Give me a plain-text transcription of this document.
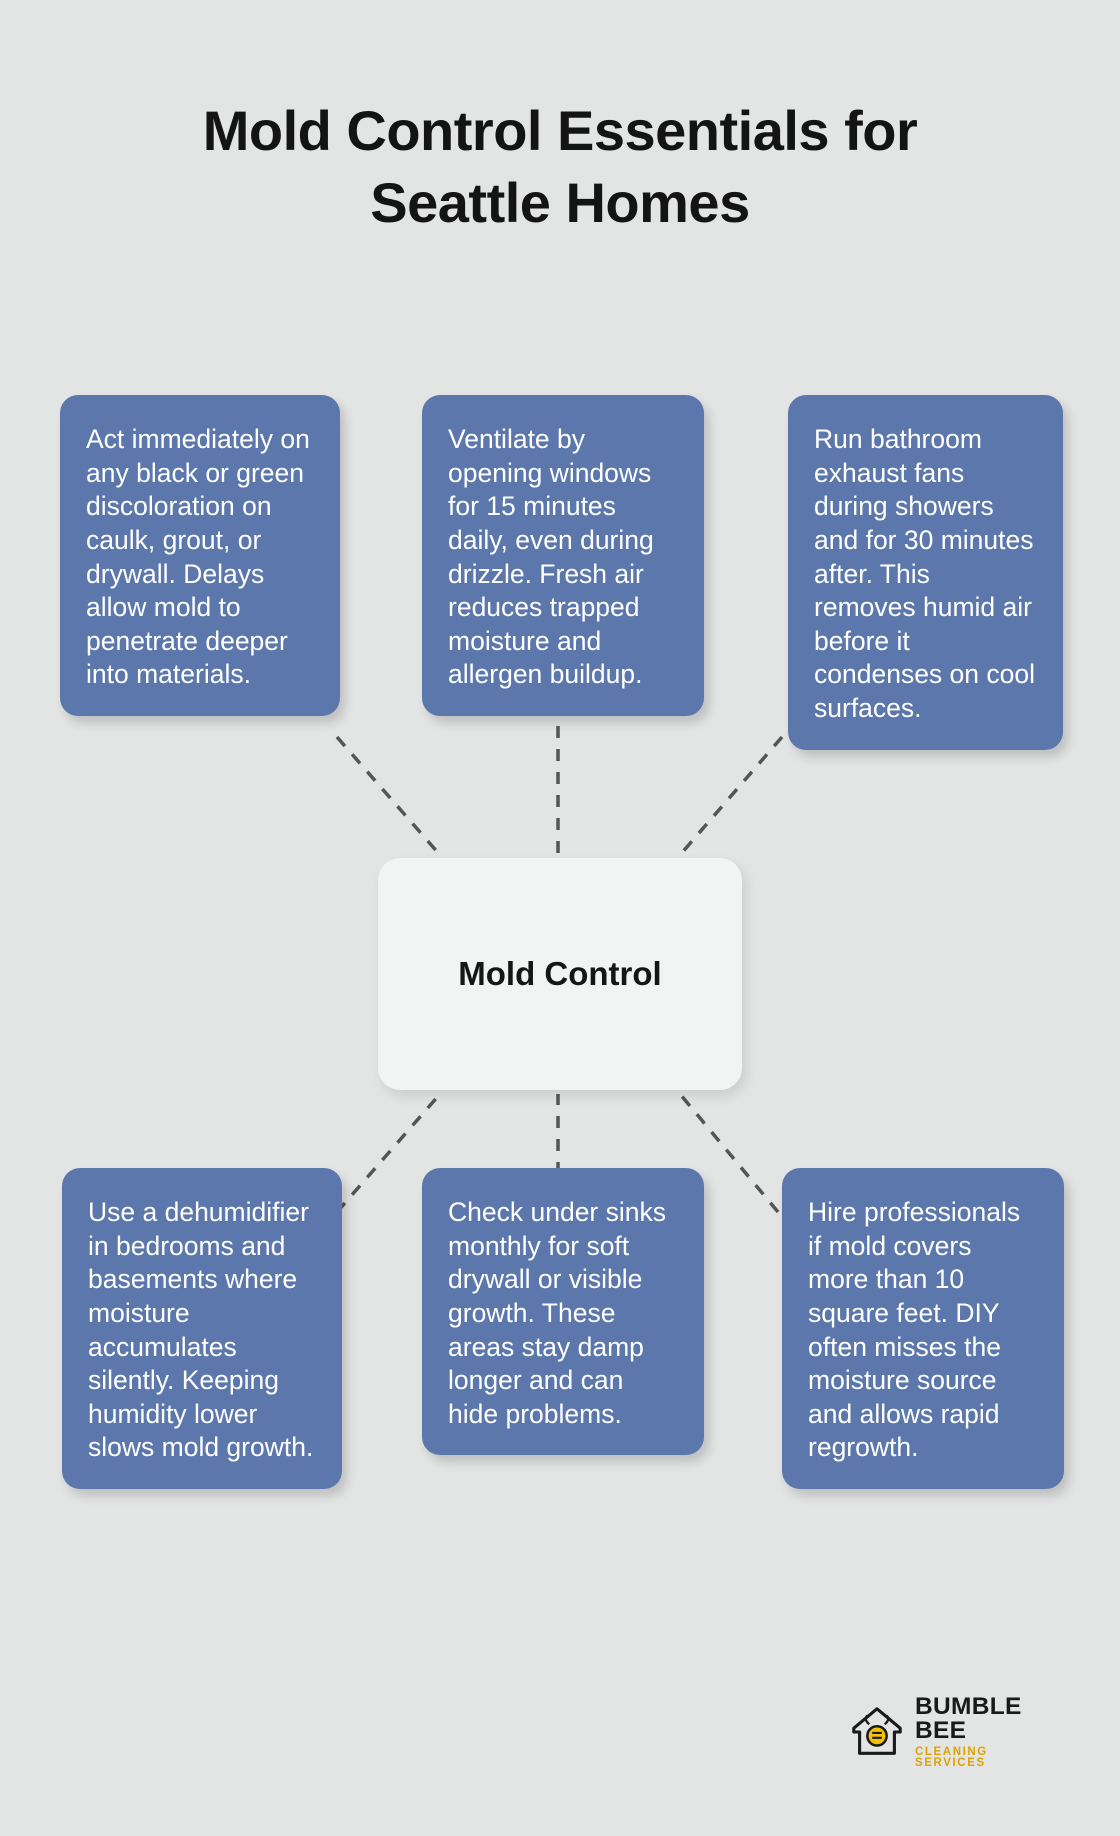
Mold Control Essentials for Seattle Homes
Act immediately on any black or green discoloration on caulk, grout, or drywall. Delays allow mold to penetrate deeper into materials.
Ventilate by opening windows for 15 minutes daily, even during drizzle. Fresh air reduces trapped moisture and allergen buildup.
Run bathroom exhaust fans during showers and for 30 minutes after. This removes humid air before it condenses on cool surfaces.
Mold Control
Use a dehumidifier in bedrooms and basements where moisture accumulates silently. Keeping humidity lower slows mold growth.
Check under sinks monthly for soft drywall or visible growth. These areas stay damp longer and can hide problems.
Hire professionals if mold covers more than 10 square feet. DIY often misses the moisture source and allows rapid regrowth.
BUMBLE BEE
CLEANING SERVICES
